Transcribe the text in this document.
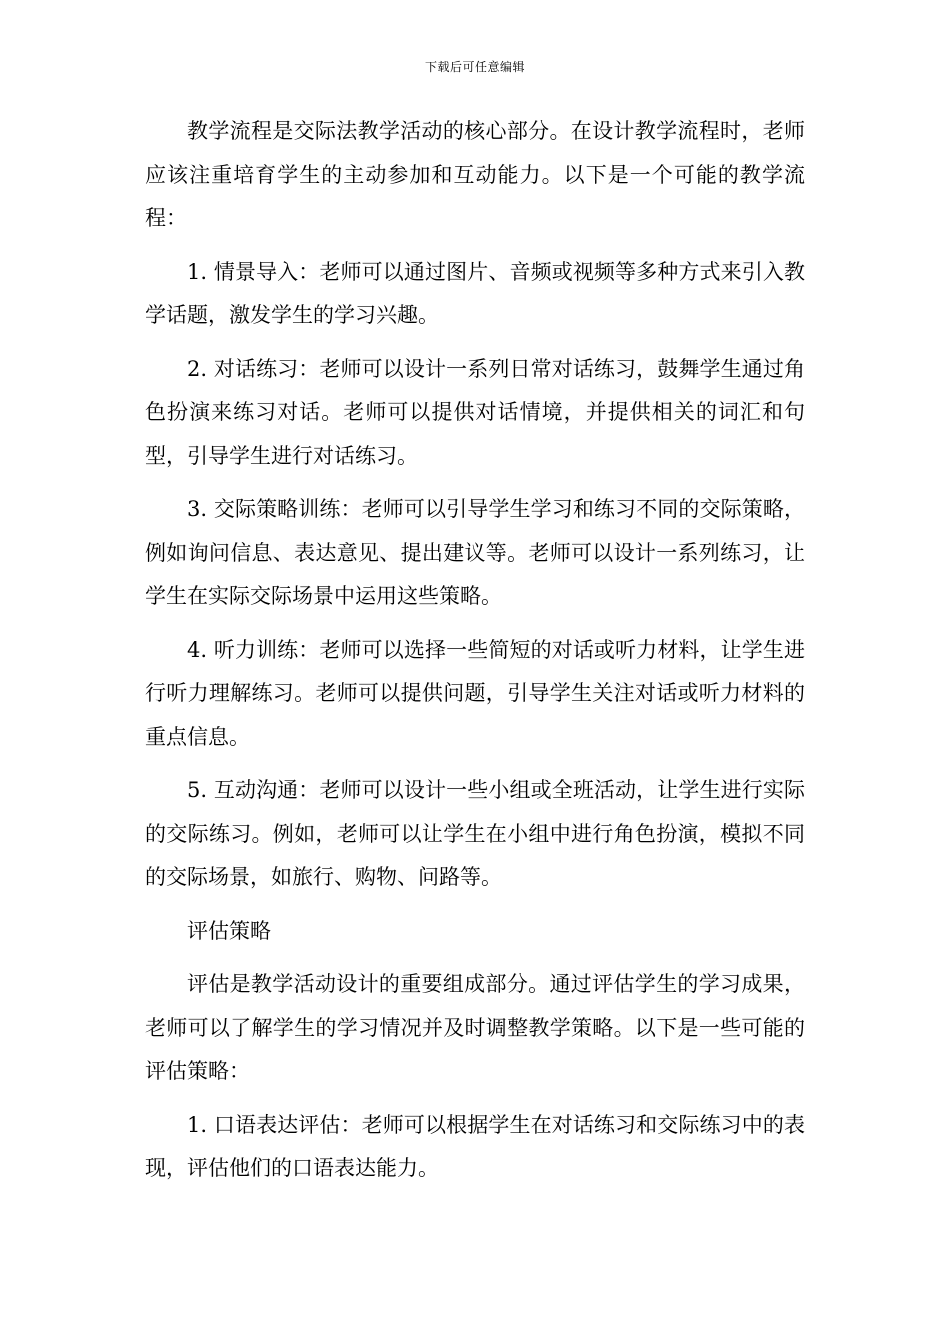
下载后可任意编辑

教学流程是交际法教学活动的核心部分。在设计教学流程时，老师应该注重培育学生的主动参加和互动能力。以下是一个可能的教学流程：

1. 情景导入：老师可以通过图片、音频或视频等多种方式来引入教学话题，激发学生的学习兴趣。

2. 对话练习：老师可以设计一系列日常对话练习，鼓舞学生通过角色扮演来练习对话。老师可以提供对话情境，并提供相关的词汇和句型，引导学生进行对话练习。

3. 交际策略训练：老师可以引导学生学习和练习不同的交际策略，例如询问信息、表达意见、提出建议等。老师可以设计一系列练习，让学生在实际交际场景中运用这些策略。

4. 听力训练：老师可以选择一些简短的对话或听力材料，让学生进行听力理解练习。老师可以提供问题，引导学生关注对话或听力材料的重点信息。

5. 互动沟通：老师可以设计一些小组或全班活动，让学生进行实际的交际练习。例如，老师可以让学生在小组中进行角色扮演，模拟不同的交际场景，如旅行、购物、问路等。

评估策略

评估是教学活动设计的重要组成部分。通过评估学生的学习成果，老师可以了解学生的学习情况并及时调整教学策略。以下是一些可能的评估策略：

1. 口语表达评估：老师可以根据学生在对话练习和交际练习中的表现，评估他们的口语表达能力。
